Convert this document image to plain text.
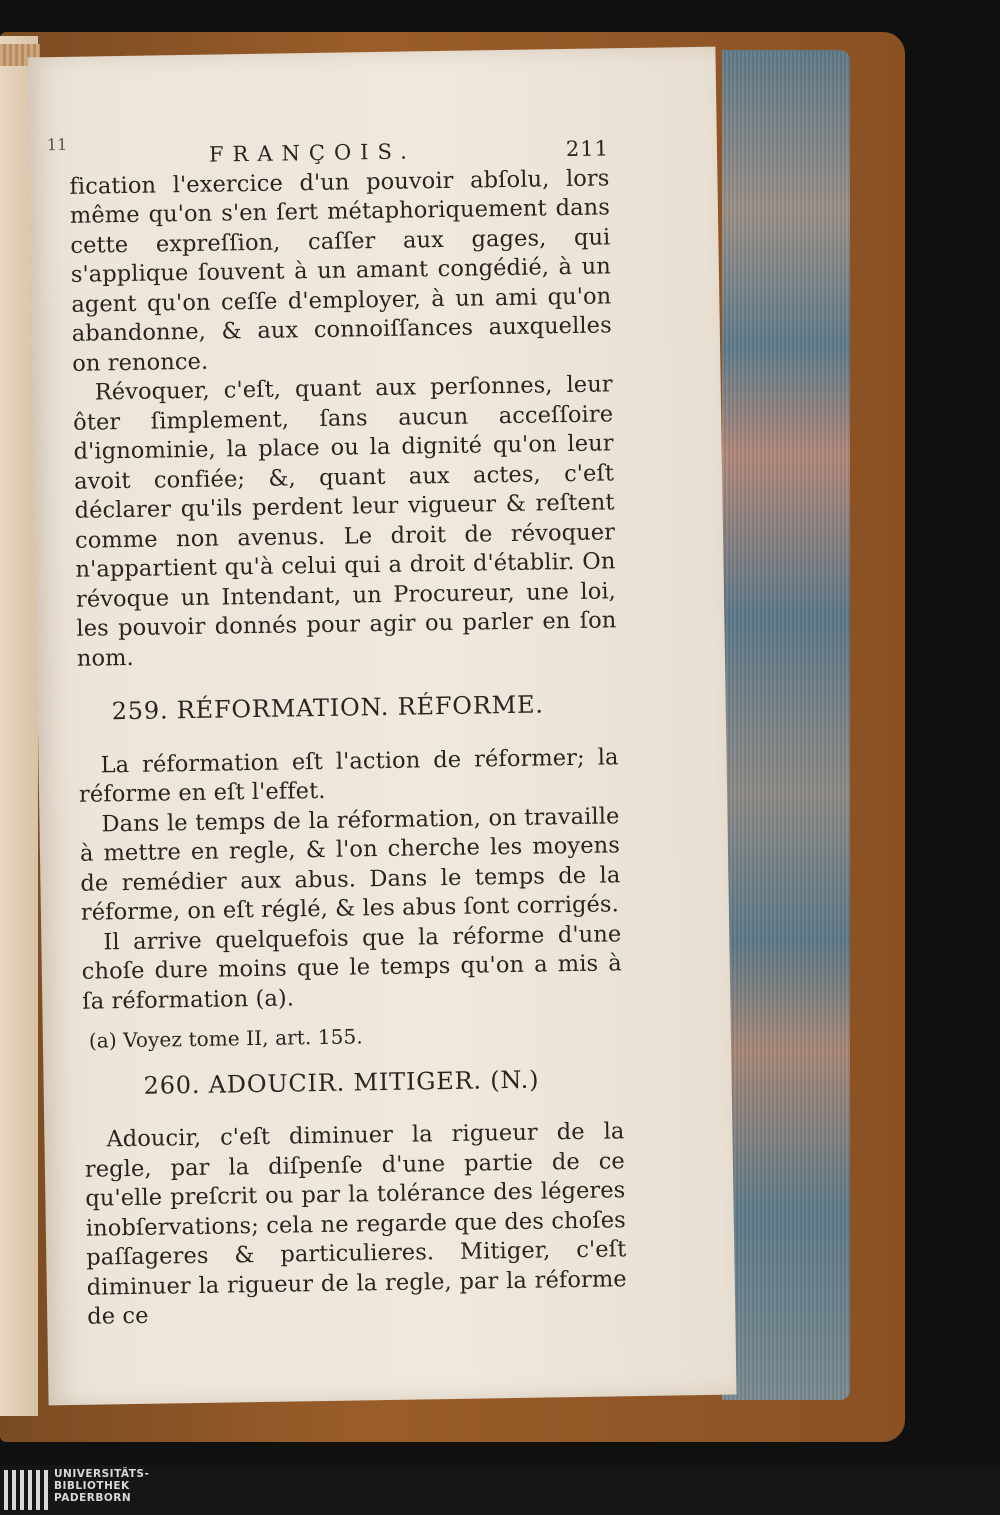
11	FRANÇOIS.	211

fication l'exercice d'un pouvoir abſolu, lors même qu'on s'en ſert métaphoriquement dans cette expreſſion, caſſer aux gages, qui s'applique ſouvent à un amant congédié, à un agent qu'on ceſſe d'employer, à un ami qu'on abandonne, & aux connoiſſances auxquelles on renonce.

Révoquer, c'eſt, quant aux perſonnes, leur ôter ſimplement, ſans aucun acceſſoire d'ignominie, la place ou la dignité qu'on leur avoit confiée; &, quant aux actes, c'eſt déclarer qu'ils perdent leur vigueur & reſtent comme non avenus. Le droit de révoquer n'appartient qu'à celui qui a droit d'établir. On révoque un Intendant, un Procureur, une loi, les pouvoir donnés pour agir ou parler en ſon nom.

259. RÉFORMATION. RÉFORME.

La réformation eſt l'action de réformer; la réforme en eſt l'effet.

Dans le temps de la réformation, on travaille à mettre en regle, & l'on cherche les moyens de remédier aux abus. Dans le temps de la réforme, on eſt réglé, & les abus ſont corrigés.

Il arrive quelquefois que la réforme d'une choſe dure moins que le temps qu'on a mis à ſa réformation (a).

(a) Voyez tome II, art. 155.
260. ADOUCIR. MITIGER. (N.)

Adoucir, c'eſt diminuer la rigueur de la regle, par la diſpenſe d'une partie de ce qu'elle preſcrit ou par la tolérance des légeres inobſervations; cela ne regarde que des choſes paſſageres & particulieres. Mitiger, c'eſt diminuer la rigueur de la regle, par la réforme de ce

UNIVERSITÄTS-
BIBLIOTHEK
PADERBORN
